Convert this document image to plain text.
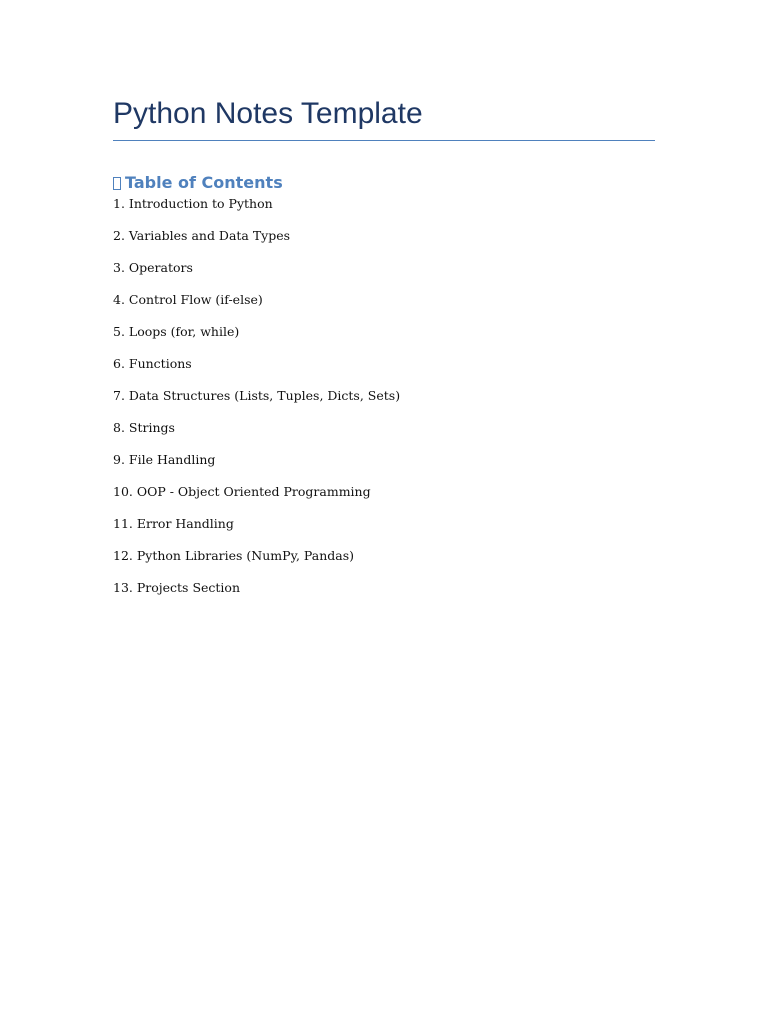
Python Notes Template
Table of Contents
1. Introduction to Python
2. Variables and Data Types
3. Operators
4. Control Flow (if-else)
5. Loops (for, while)
6. Functions
7. Data Structures (Lists, Tuples, Dicts, Sets)
8. Strings
9. File Handling
10. OOP - Object Oriented Programming
11. Error Handling
12. Python Libraries (NumPy, Pandas)
13. Projects Section
